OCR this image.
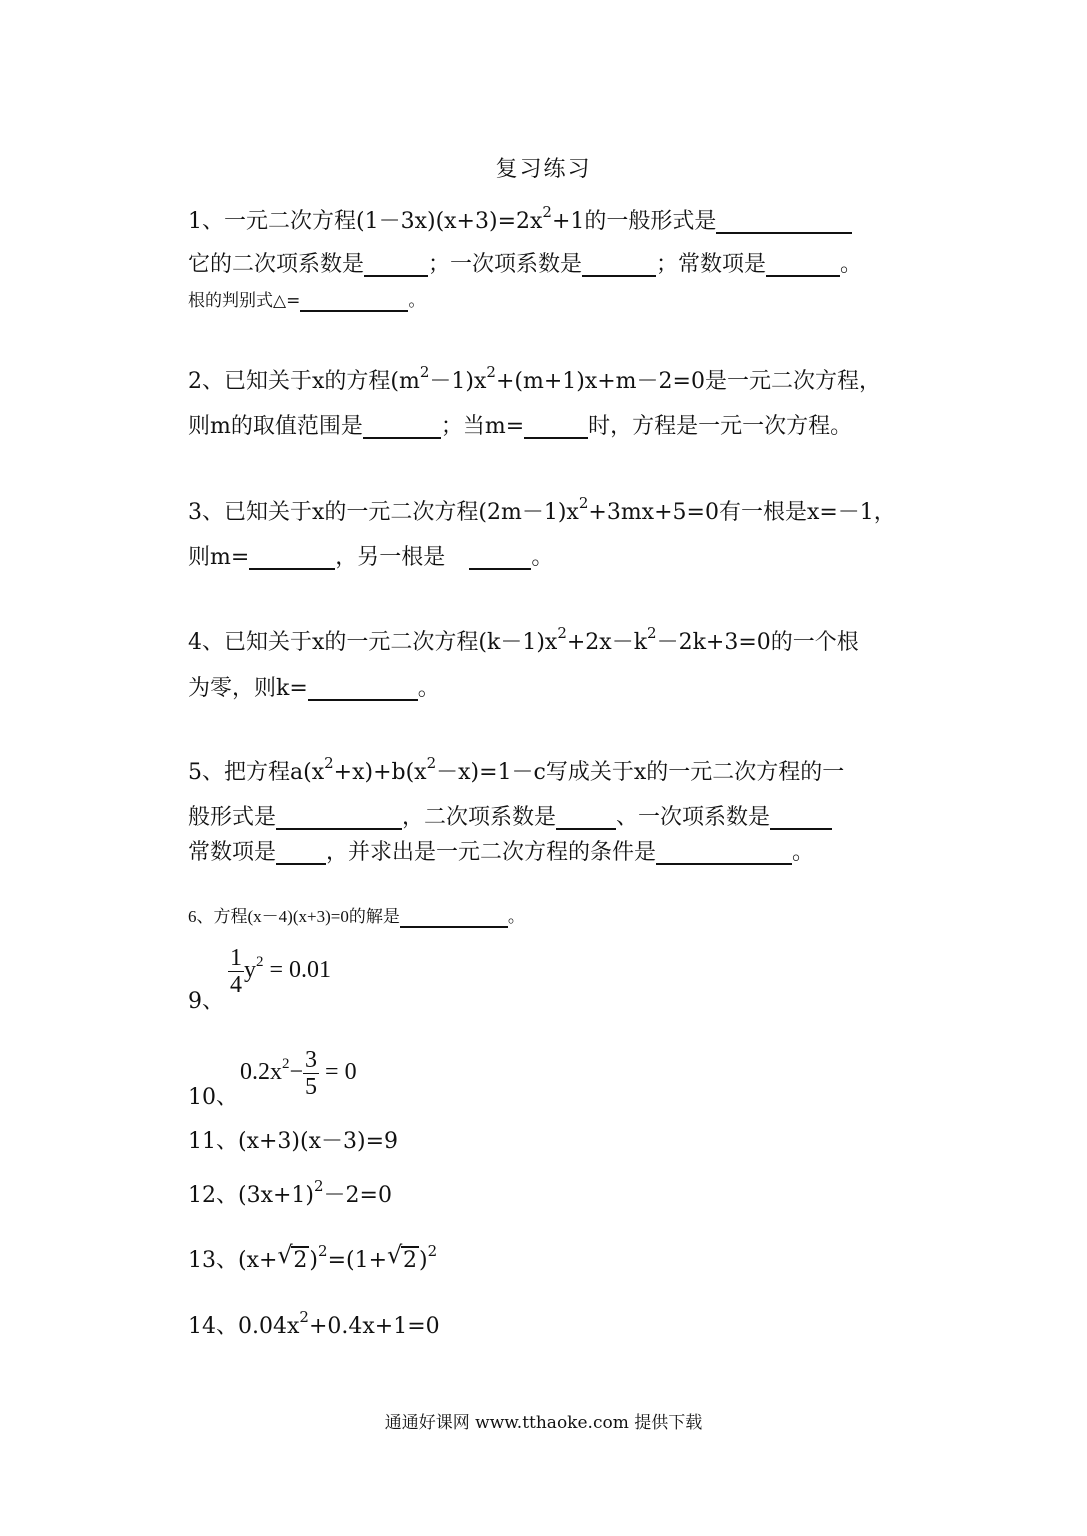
复习练习
1、一元二次方程$(1-3x)(x+3)=2x^2+1$的一般形式是
它的二次项系数是	；一次项系数是	；常数项是	。
根的判别式△=	。
2、已知关于x的方程$(m^2-1)x^2+(m+1)x+m-2=0$是一元二次方程，
则m的取值范围是	；当m=	时，方程是一元一次方程。
3、已知关于x的一元二次方程$(2m-1)x^2+3mx+5=0$有一根是x=－1，
则m=	，另一根是	。
4、已知关于x的一元二次方程$(k-1)x^2+2x-k^2-2k+3=0$的一个根
为零，则k=	。
5、把方程$a(x^2+x)+b(x^2-x)=1-c$写成关于x的一元二次方程的一
般形式是	，二次项系数是	、一次项系数是
常数项是 ，并求出是一元二次方程的条件是	。
6、方程(x－4)(x+3)=0的解是	。
9、
$\frac{1}{4} y^2 = 0.01$
10、
$0.2x^2- \frac{3}{5} = 0$
11、(x+3)(x－3)=9
12、$(3x+1)^2-2=0$
13、(x+ √ 2)$^2$=(1+ √ 2)$^2$
14、$0.04x^2+0.4x+1=0$
通通好课网 www.tthaoke.com 提供下载
